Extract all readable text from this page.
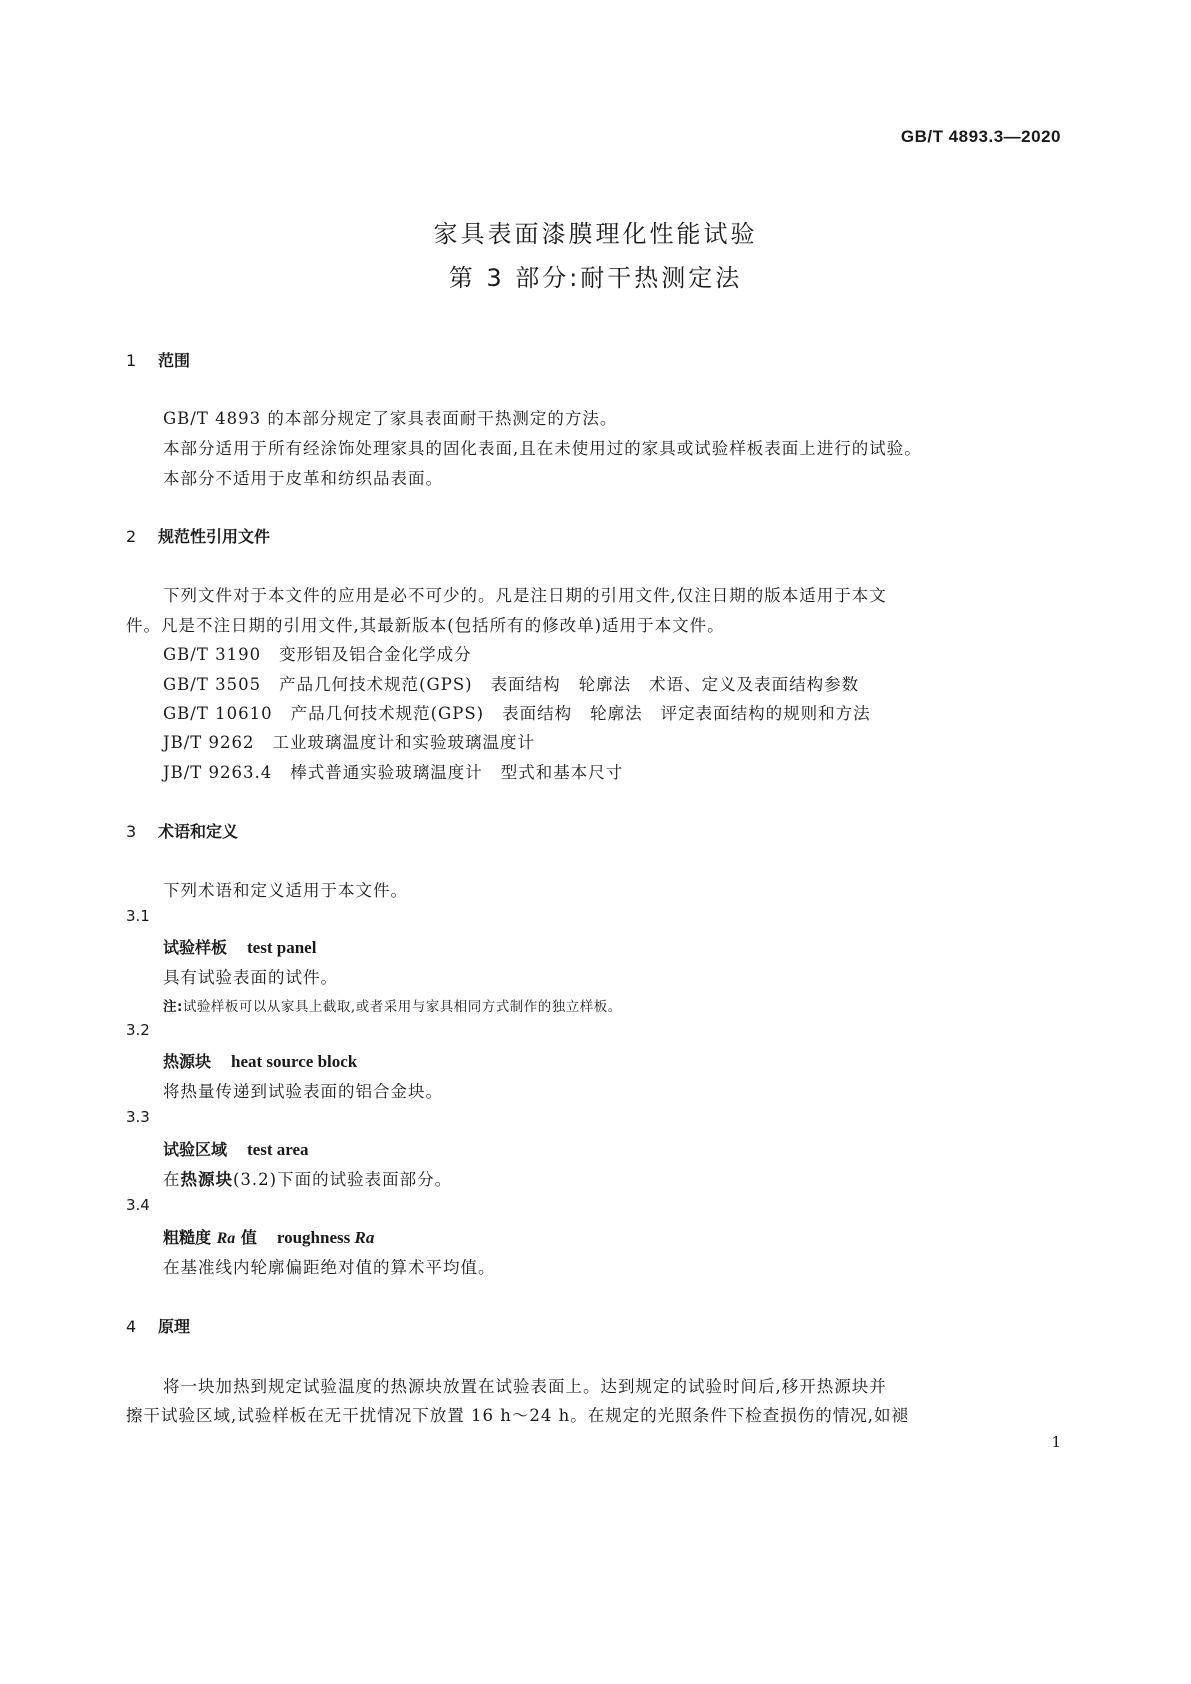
GB/T 4893.3—2020
家具表面漆膜理化性能试验
第 3 部分:耐干热测定法
1 范围
GB/T 4893 的本部分规定了家具表面耐干热测定的方法。
本部分适用于所有经涂饰处理家具的固化表面,且在未使用过的家具或试验样板表面上进行的试验。
本部分不适用于皮革和纺织品表面。
2 规范性引用文件
下列文件对于本文件的应用是必不可少的。凡是注日期的引用文件,仅注日期的版本适用于本文
件。凡是不注日期的引用文件,其最新版本(包括所有的修改单)适用于本文件。
GB/T 3190 变形铝及铝合金化学成分
GB/T 3505 产品几何技术规范(GPS) 表面结构 轮廓法 术语、定义及表面结构参数
GB/T 10610 产品几何技术规范(GPS) 表面结构 轮廓法 评定表面结构的规则和方法
JB/T 9262 工业玻璃温度计和实验玻璃温度计
JB/T 9263.4 棒式普通实验玻璃温度计 型式和基本尺寸
3 术语和定义
下列术语和定义适用于本文件。
3.1
试验样板 test panel
具有试验表面的试件。
注:试验样板可以从家具上截取,或者采用与家具相同方式制作的独立样板。
3.2
热源块 heat source block
将热量传递到试验表面的铝合金块。
3.3
试验区域 test area
在热源块(3.2)下面的试验表面部分。
3.4
粗糙度 Ra 值 roughness Ra
在基准线内轮廓偏距绝对值的算术平均值。
4 原理
将一块加热到规定试验温度的热源块放置在试验表面上。达到规定的试验时间后,移开热源块并
擦干试验区域,试验样板在无干扰情况下放置 16 h～24 h。在规定的光照条件下检查损伤的情况,如褪
1
